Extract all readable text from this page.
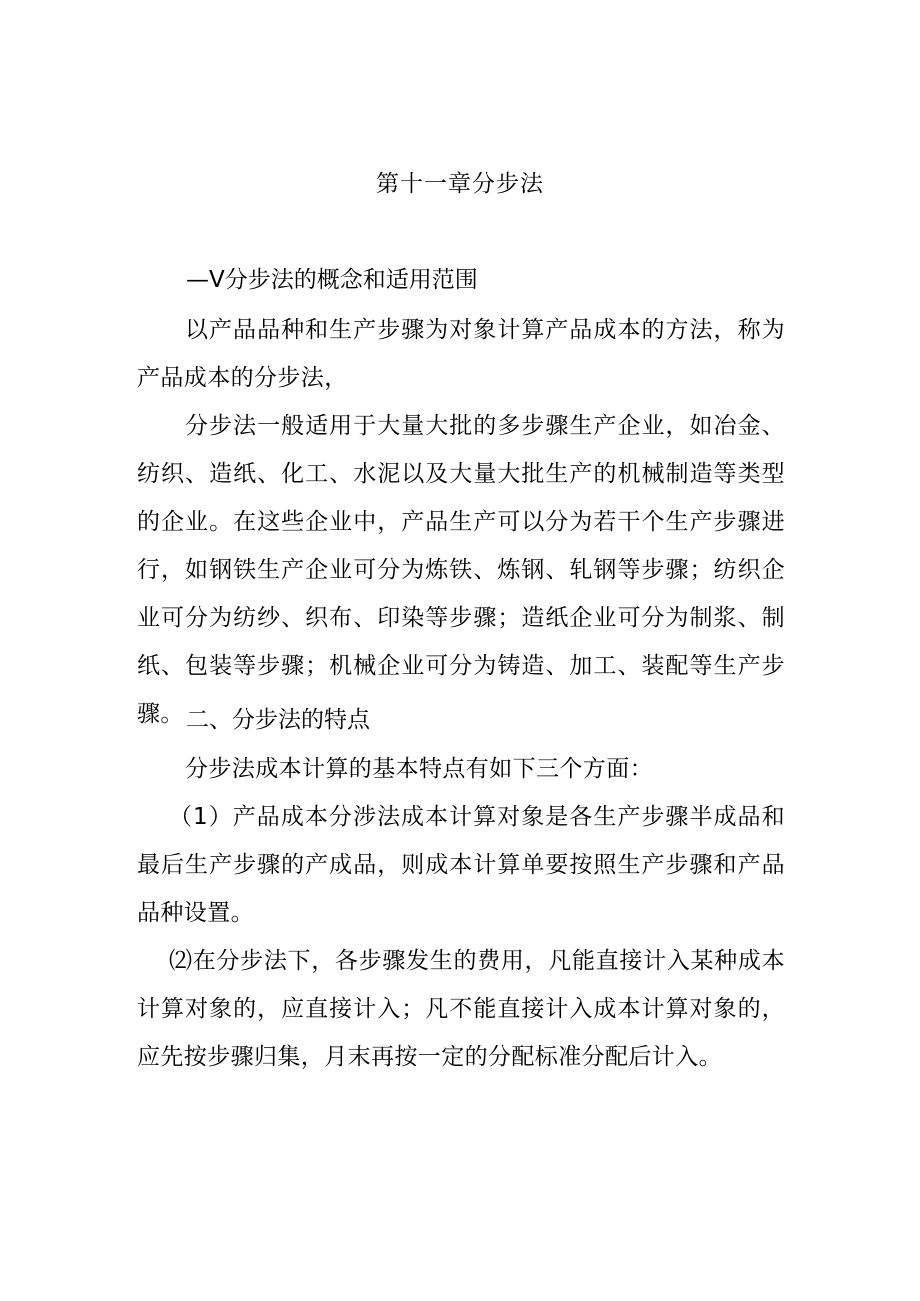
第十一章分步法
—V分步法的概念和适用范围

以产品品种和生产步骤为对象计算产品成本的方法，称为产品成本的分步法，

分步法一般适用于大量大批的多步骤生产企业，如冶金、纺织、造纸、化工、水泥以及大量大批生产的机械制造等类型的企业。在这些企业中，产品生产可以分为若干个生产步骤进行，如钢铁生产企业可分为炼铁、炼钢、轧钢等步骤；纺织企业可分为纺纱、织布、印染等步骤；造纸企业可分为制浆、制纸、包装等步骤；机械企业可分为铸造、加工、装配等生产步骤。 二、分步法的特点

分步法成本计算的基本特点有如下三个方面：

（1）产品成本分涉法成本计算对象是各生产步骤半成品和最后生产步骤的产成品，则成本计算单要按照生产步骤和产品品种设置。

⑵在分步法下，各步骤发生的费用，凡能直接计入某种成本计算对象的，应直接计入；凡不能直接计入成本计算对象的，应先按步骤归集，月末再按一定的分配标准分配后计入。
